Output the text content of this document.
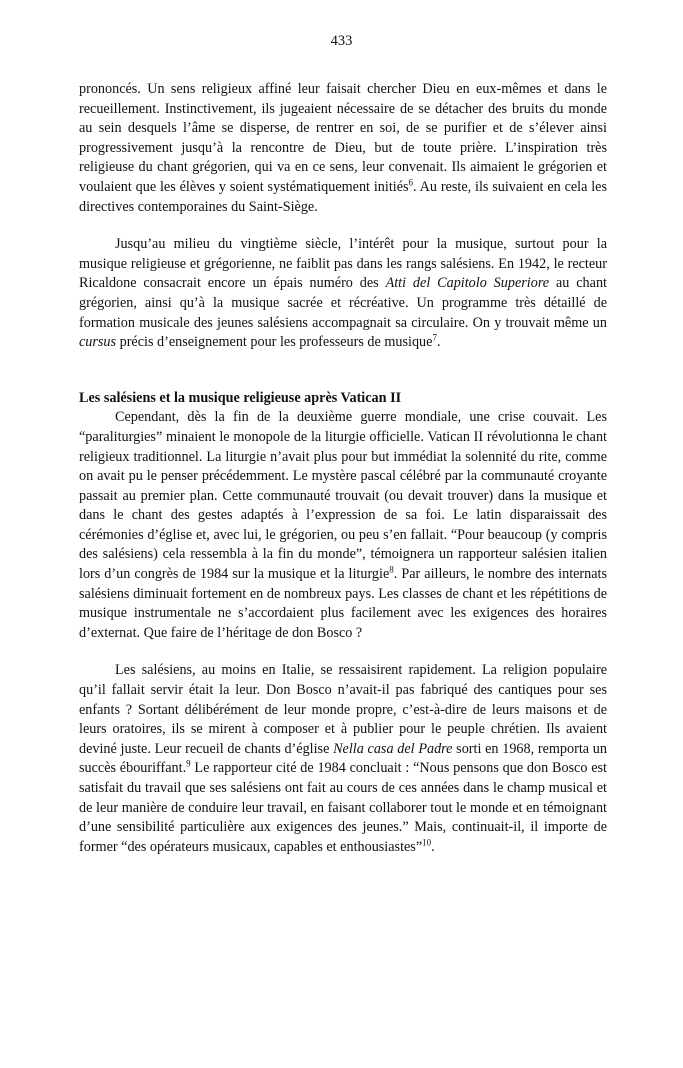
433

prononcés. Un sens religieux affiné leur faisait chercher Dieu en eux-mêmes et dans le recueillement. Instinctivement, ils jugeaient nécessaire de se détacher des bruits du monde au sein desquels l’âme se disperse, de rentrer en soi, de se purifier et de s’élever ainsi progressivement jusqu’à la rencontre de Dieu, but de toute prière. L’inspiration très religieuse du chant grégorien, qui va en ce sens, leur convenait. Ils aimaient le grégorien et voulaient que les élèves y soient systématiquement initiés$^6$. Au reste, ils suivaient en cela les directives contemporaines du Saint-Siège.

Jusqu’au milieu du vingtième siècle, l’intérêt pour la musique, surtout pour la musique religieuse et grégorienne, ne faiblit pas dans les rangs salésiens. En 1942, le recteur Ricaldone consacrait encore un épais numéro des Atti del Capitolo Superiore au chant grégorien, ainsi qu’à la musique sacrée et récréative. Un programme très détaillé de formation musicale des jeunes salésiens accompagnait sa circulaire. On y trouvait même un cursus précis d’enseignement pour les professeurs de musique$^7$.

Les salésiens et la musique religieuse après Vatican II

Cependant, dès la fin de la deuxième guerre mondiale, une crise couvait. Les “paraliturgies” minaient le monopole de la liturgie officielle. Vatican II révolutionna le chant religieux traditionnel. La liturgie n’avait plus pour but immédiat la solennité du rite, comme on avait pu le penser précédemment. Le mystère pascal célébré par la communauté croyante passait au premier plan. Cette communauté trouvait (ou devait trouver) dans la musique et dans le chant des gestes adaptés à l’expression de sa foi. Le latin disparaissait des cérémonies d’église et, avec lui, le grégorien, ou peu s’en fallait. “Pour beaucoup (y compris des salésiens) cela ressembla à la fin du monde”, témoignera un rapporteur salésien italien lors d’un congrès de 1984 sur la musique et la liturgie$^8$. Par ailleurs, le nombre des internats salésiens diminuait fortement en de nombreux pays. Les classes de chant et les répétitions de musique instrumentale ne s’accordaient plus facilement avec les exigences des horaires d’externat. Que faire de l’héritage de don Bosco ?

Les salésiens, au moins en Italie, se ressaisirent rapidement. La religion populaire qu’il fallait servir était la leur. Don Bosco n’avait-il pas fabriqué des cantiques pour ses enfants ? Sortant délibérément de leur monde propre, c’est-à-dire de leurs maisons et de leurs oratoires, ils se mirent à composer et à publier pour le peuple chrétien. Ils avaient deviné juste. Leur recueil de chants d’église Nella casa del Padre sorti en 1968, remporta un succès ébouriffant.$^9$ Le rapporteur cité de 1984 concluait : “Nous pensons que don Bosco est satisfait du travail que ses salésiens ont fait au cours de ces années dans le champ musical et de leur manière de conduire leur travail, en faisant collaborer tout le monde et en témoignant d’une sensibilité particulière aux exigences des jeunes.” Mais, continuait-il, il importe de former “des opérateurs musicaux, capables et enthousiastes”$^{10}$.
